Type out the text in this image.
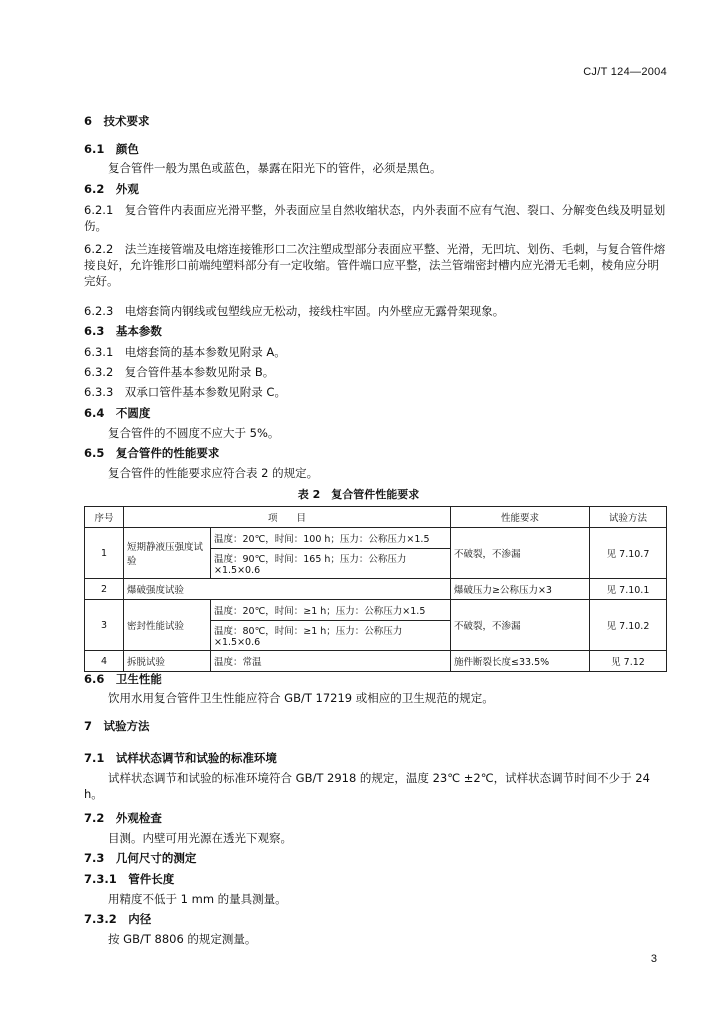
CJ/T 124—2004
6　 技术要求
6.1　 颜色
复合管件一般为黑色或蓝色，暴露在阳光下的管件，必须是黑色。
6.2　 外观
6.2.1　 复合管件内表面应光滑平整，外表面应呈自然收缩状态，内外表面不应有气泡、裂口、分解变色线及明显划伤。
6.2.2　 法兰连接管端及电熔连接锥形口二次注塑成型部分表面应平整、光滑，无凹坑、划伤、毛刺，与复合管件熔接良好，允许锥形口前端纯塑料部分有一定收缩。管件端口应平整，法兰管端密封槽内应光滑无毛刺，棱角应分明完好。
6.2.3　 电熔套筒内钢线或包塑线应无松动，接线柱牢固。内外壁应无露骨架现象。
6.3　 基本参数
6.3.1　 电熔套筒的基本参数见附录 A。
6.3.2　 复合管件基本参数见附录 B。
6.3.3　 双承口管件基本参数见附录 C。
6.4　 不圆度
复合管件的不圆度不应大于 5%。
6.5　 复合管件的性能要求
复合管件的性能要求应符合表 2 的规定。
表 2　复合管件性能要求
序号	项　　目		性能要求	试验方法
1	短期静液压强度试验	温度：20℃，时间：100 h；压力：公称压力×1.5	不破裂，不渗漏	见 7.10.7
		温度：90℃，时间：165 h；压力：公称压力×1.5×0.6		
2	爆破强度试验		爆破压力≥公称压力×3	见 7.10.1
3	密封性能试验	温度：20℃，时间：≥1 h；压力：公称压力×1.5	不破裂，不渗漏	见 7.10.2
		温度：80℃，时间：≥1 h；压力：公称压力×1.5×0.6		
4	拆脱试验	温度：常温	施件断裂长度≤33.5%	见 7.12
6.6　 卫生性能
饮用水用复合管件卫生性能应符合 GB/T 17219 或相应的卫生规范的规定。
7　 试验方法
7.1　 试样状态调节和试验的标准环境
试样状态调节和试验的标准环境符合 GB/T 2918 的规定，温度 23℃ ±2℃，试样状态调节时间不少于 24 h。
7.2　 外观检查
目测。内壁可用光源在透光下观察。
7.3　 几何尺寸的测定
7.3.1　 管件长度
用精度不低于 1 mm 的量具测量。
7.3.2　 内径
按 GB/T 8806 的规定测量。
3
